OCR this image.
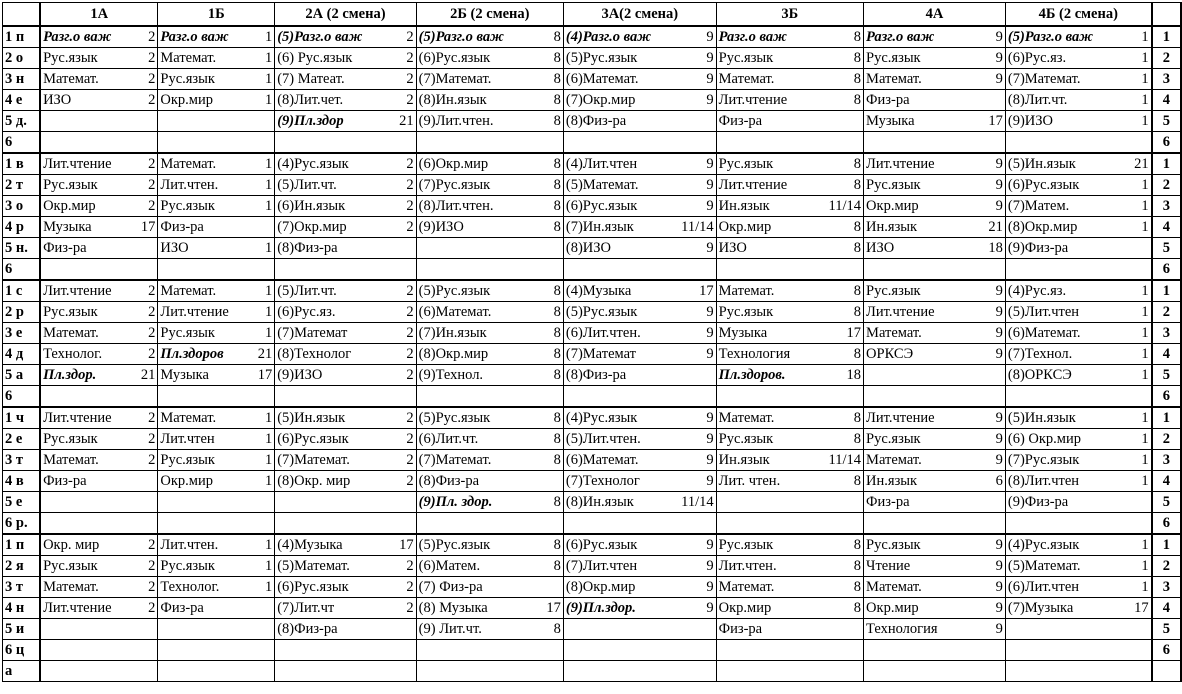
	1А		1Б		2А (2 смена)		2Б (2 смена)		3А(2 смена)		3Б		4А		4Б (2 смена)		
1 п	Разг.о важ	2	Разг.о важ	1	(5)Разг.о важ	2	(5)Разг.о важ	8	(4)Разг.о важ	9	Разг.о важ	8	Разг.о важ	9	(5)Разг.о важ	1	1
2 о	Рус.язык	2	Математ.	1	(6) Рус.язык	2	(6)Рус.язык	8	(5)Рус.язык	9	Рус.язык	8	Рус.язык	9	(6)Рус.яз.	1	2
3 н	Математ.	2	Рус.язык	1	(7) Матеат.	2	(7)Математ.	8	(6)Математ.	9	Математ.	8	Математ.	9	(7)Математ.	1	3
4 е	ИЗО	2	Окр.мир	1	(8)Лит.чет.	2	(8)Ин.язык	8	(7)Окр.мир	9	Лит.чтение	8	Физ-ра		(8)Лит.чт.	1	4
5 д.					(9)Пл.здор	21	(9)Лит.чтен.	8	(8)Физ-ра		Физ-ра		Музыка	17	(9)ИЗО	1	5
6																	6
1 в	Лит.чтение	2	Математ.	1	(4)Рус.язык	2	(6)Окр.мир	8	(4)Лит.чтен	9	Рус.язык	8	Лит.чтение	9	(5)Ин.язык	21	1
2 т	Рус.язык	2	Лит.чтен.	1	(5)Лит.чт.	2	(7)Рус.язык	8	(5)Математ.	9	Лит.чтение	8	Рус.язык	9	(6)Рус.язык	1	2
3 о	Окр.мир	2	Рус.язык	1	(6)Ин.язык	2	(8)Лит.чтен.	8	(6)Рус.язык	9	Ин.язык	11/14	Окр.мир	9	(7)Матем.	1	3
4 р	Музыка	17	Физ-ра		(7)Окр.мир	2	(9)ИЗО	8	(7)Ин.язык	11/14	Окр.мир	8	Ин.язык	21	(8)Окр.мир	1	4
5 н.	Физ-ра		ИЗО	1	(8)Физ-ра				(8)ИЗО	9	ИЗО	8	ИЗО	18	(9)Физ-ра		5
6																	6
1 с	Лит.чтение	2	Математ.	1	(5)Лит.чт.	2	(5)Рус.язык	8	(4)Музыка	17	Математ.	8	Рус.язык	9	(4)Рус.яз.	1	1
2 р	Рус.язык	2	Лит.чтение	1	(6)Рус.яз.	2	(6)Математ.	8	(5)Рус.язык	9	Рус.язык	8	Лит.чтение	9	(5)Лит.чтен	1	2
3 е	Математ.	2	Рус.язык	1	(7)Математ	2	(7)Ин.язык	8	(6)Лит.чтен.	9	Музыка	17	Математ.	9	(6)Математ.	1	3
4 д	Технолог.	2	Пл.здоров	21	(8)Технолог	2	(8)Окр.мир	8	(7)Математ	9	Технология	8	ОРКСЭ	9	(7)Технол.	1	4
5 а	Пл.здор.	21	Музыка	17	(9)ИЗО	2	(9)Технол.	8	(8)Физ-ра		Пл.здоров.	18			(8)ОРКСЭ	1	5
6																	6
1 ч	Лит.чтение	2	Математ.	1	(5)Ин.язык	2	(5)Рус.язык	8	(4)Рус.язык	9	Математ.	8	Лит.чтение	9	(5)Ин.язык	1	1
2 е	Рус.язык	2	Лит.чтен	1	(6)Рус.язык	2	(6)Лит.чт.	8	(5)Лит.чтен.	9	Рус.язык	8	Рус.язык	9	(6) Окр.мир	1	2
3 т	Математ.	2	Рус.язык	1	(7)Математ.	2	(7)Математ.	8	(6)Математ.	9	Ин.язык	11/14	Математ.	9	(7)Рус.язык	1	3
4 в	Физ-ра		Окр.мир	1	(8)Окр. мир	2	(8)Физ-ра		(7)Технолог	9	Лит. чтен.	8	Ин.язык	6	(8)Лит.чтен	1	4
5 е							(9)Пл. здор.	8	(8)Ин.язык	11/14			Физ-ра		(9)Физ-ра		5
6 р.																	6
1 п	Окр. мир	2	Лит.чтен.	1	(4)Музыка	17	(5)Рус.язык	8	(6)Рус.язык	9	Рус.язык	8	Рус.язык	9	(4)Рус.язык	1	1
2 я	Рус.язык	2	Рус.язык	1	(5)Математ.	2	(6)Матем.	8	(7)Лит.чтен	9	Лит.чтен.	8	Чтение	9	(5)Математ.	1	2
3 т	Математ.	2	Технолог.	1	(6)Рус.язык	2	(7) Физ-ра		(8)Окр.мир	9	Математ.	8	Математ.	9	(6)Лит.чтен	1	3
4 н	Лит.чтение	2	Физ-ра		(7)Лит.чт	2	(8) Музыка	17	(9)Пл.здор.	9	Окр.мир	8	Окр.мир	9	(7)Музыка	17	4
5 и					(8)Физ-ра		(9) Лит.чт.	8			Физ-ра		Технология	9			5
6 ц																	6
а																	
